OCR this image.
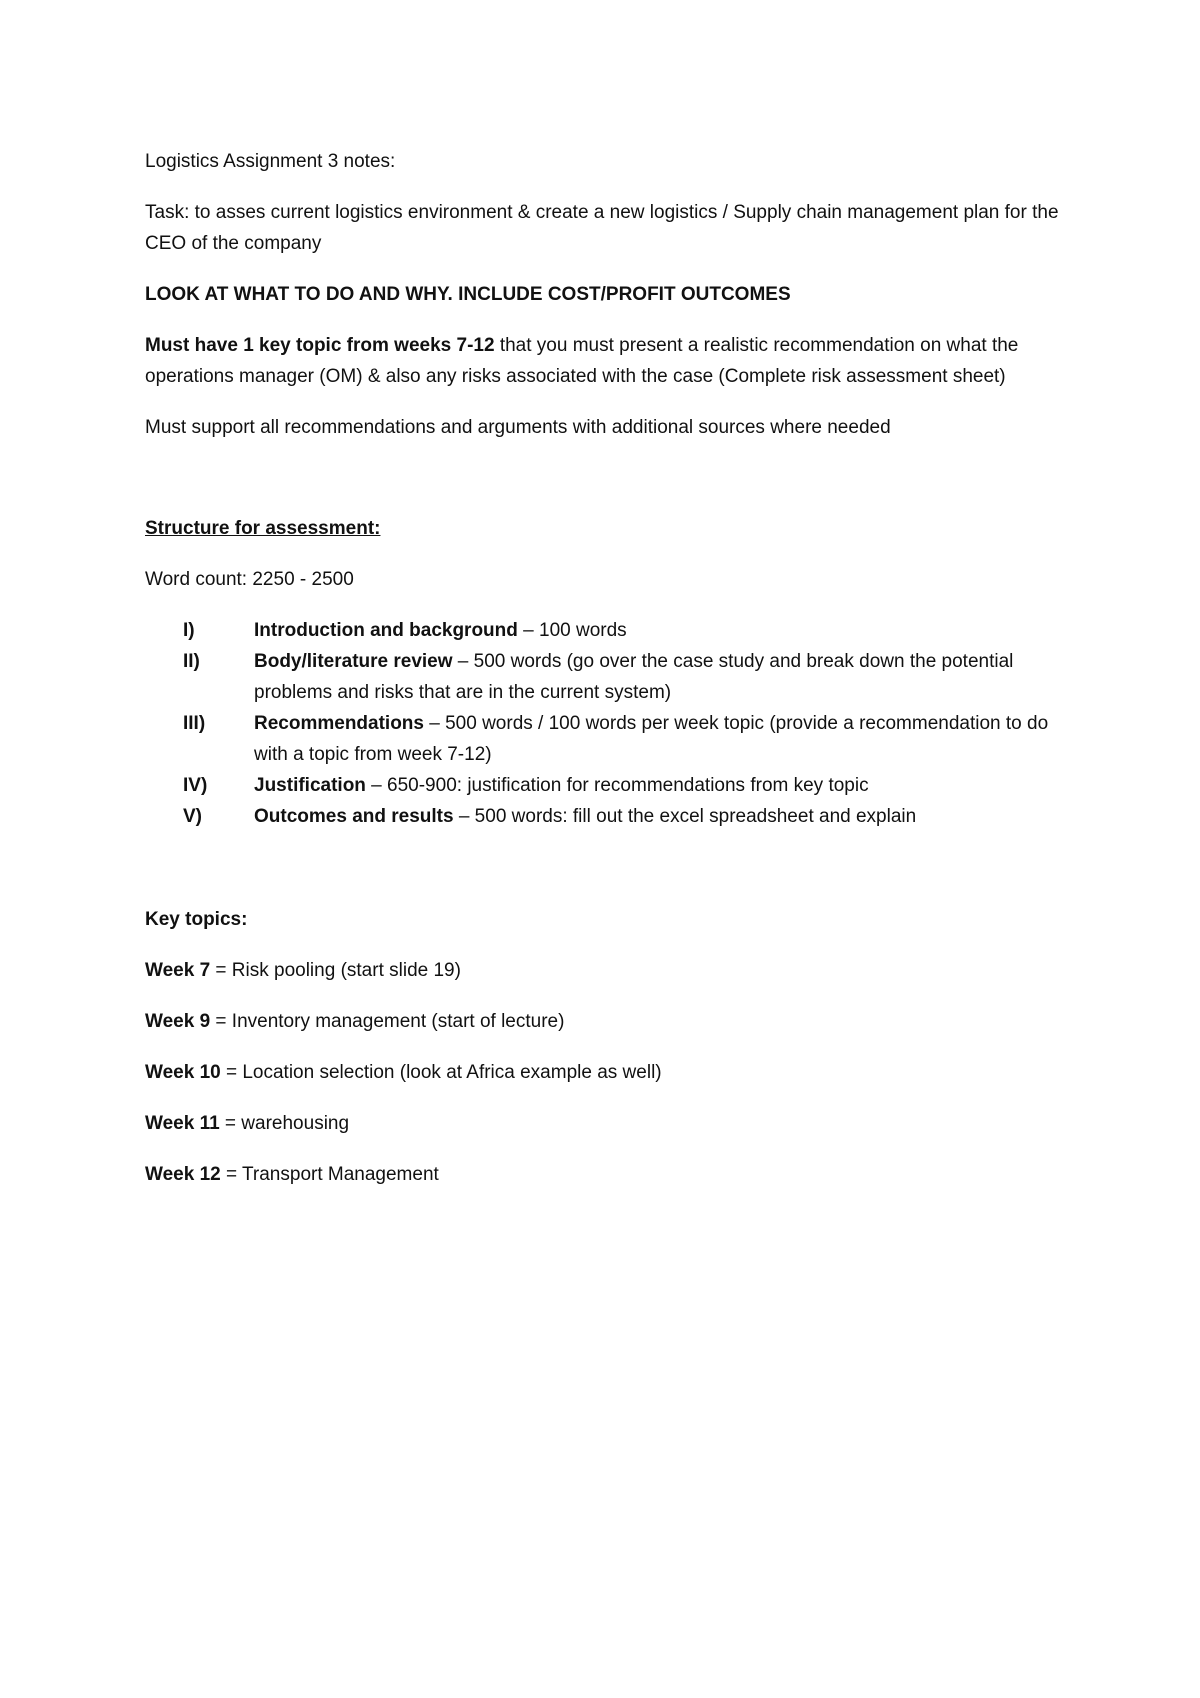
Logistics Assignment 3 notes:

Task: to asses current logistics environment & create a new logistics / Supply chain management plan for the CEO of the company

LOOK AT WHAT TO DO AND WHY. INCLUDE COST/PROFIT OUTCOMES

Must have 1 key topic from weeks 7-12 that you must present a realistic recommendation on what the operations manager (OM) & also any risks associated with the case (Complete risk assessment sheet)

Must support all recommendations and arguments with additional sources where needed

Structure for assessment:

Word count: 2250 - 2500

I)	Introduction and background – 100 words
II)	Body/literature review – 500 words (go over the case study and break down the potential problems and risks that are in the current system)
III)	Recommendations – 500 words / 100 words per week topic (provide a recommendation to do with a topic from week 7-12)
IV)	Justification – 650-900: justification for recommendations from key topic
V)	Outcomes and results – 500 words: fill out the excel spreadsheet and explain

Key topics:

Week 7 = Risk pooling (start slide 19)

Week 9 = Inventory management (start of lecture)

Week 10 = Location selection (look at Africa example as well)

Week 11 = warehousing

Week 12 = Transport Management
